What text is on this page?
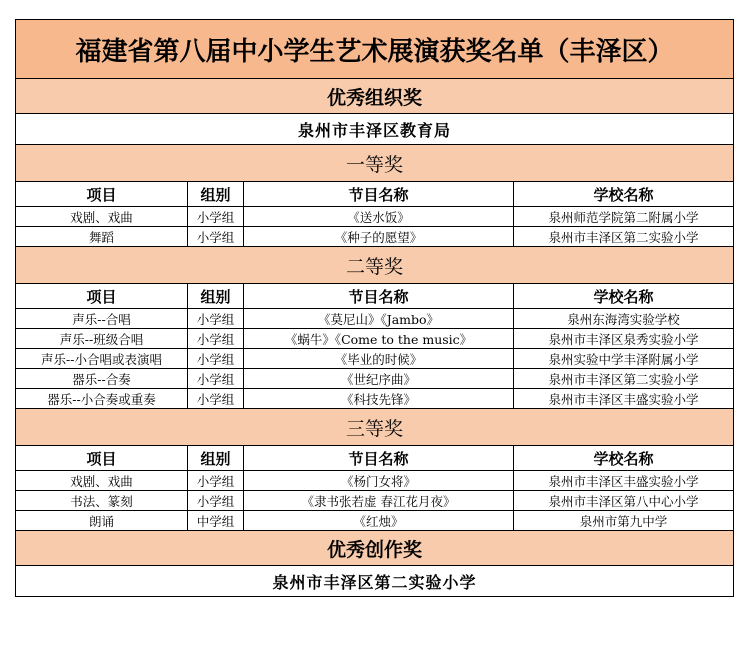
福建省第八届中小学生艺术展演获奖名单（丰泽区）			
优秀组织奖			
泉州市丰泽区教育局			
一等奖			
项目	组别	节目名称	学校名称
戏剧、戏曲	小学组	《送水饭》	泉州师范学院第二附属小学
舞蹈	小学组	《种子的愿望》	泉州市丰泽区第二实验小学
二等奖			
项目	组别	节目名称	学校名称
声乐--合唱	小学组	《莫尼山》《Jambo》	泉州东海湾实验学校
声乐--班级合唱	小学组	《蜗牛》《Come to the music》	泉州市丰泽区泉秀实验小学
声乐--小合唱或表演唱	小学组	《毕业的时候》	泉州实验中学丰泽附属小学
器乐--合奏	小学组	《世纪序曲》	泉州市丰泽区第二实验小学
器乐--小合奏或重奏	小学组	《科技先锋》	泉州市丰泽区丰盛实验小学
三等奖			
项目	组别	节目名称	学校名称
戏剧、戏曲	小学组	《杨门女将》	泉州市丰泽区丰盛实验小学
书法、篆刻	小学组	《隶书张若虚 春江花月夜》	泉州市丰泽区第八中心小学
朗诵	中学组	《红烛》	泉州市第九中学
优秀创作奖			
泉州市丰泽区第二实验小学			
